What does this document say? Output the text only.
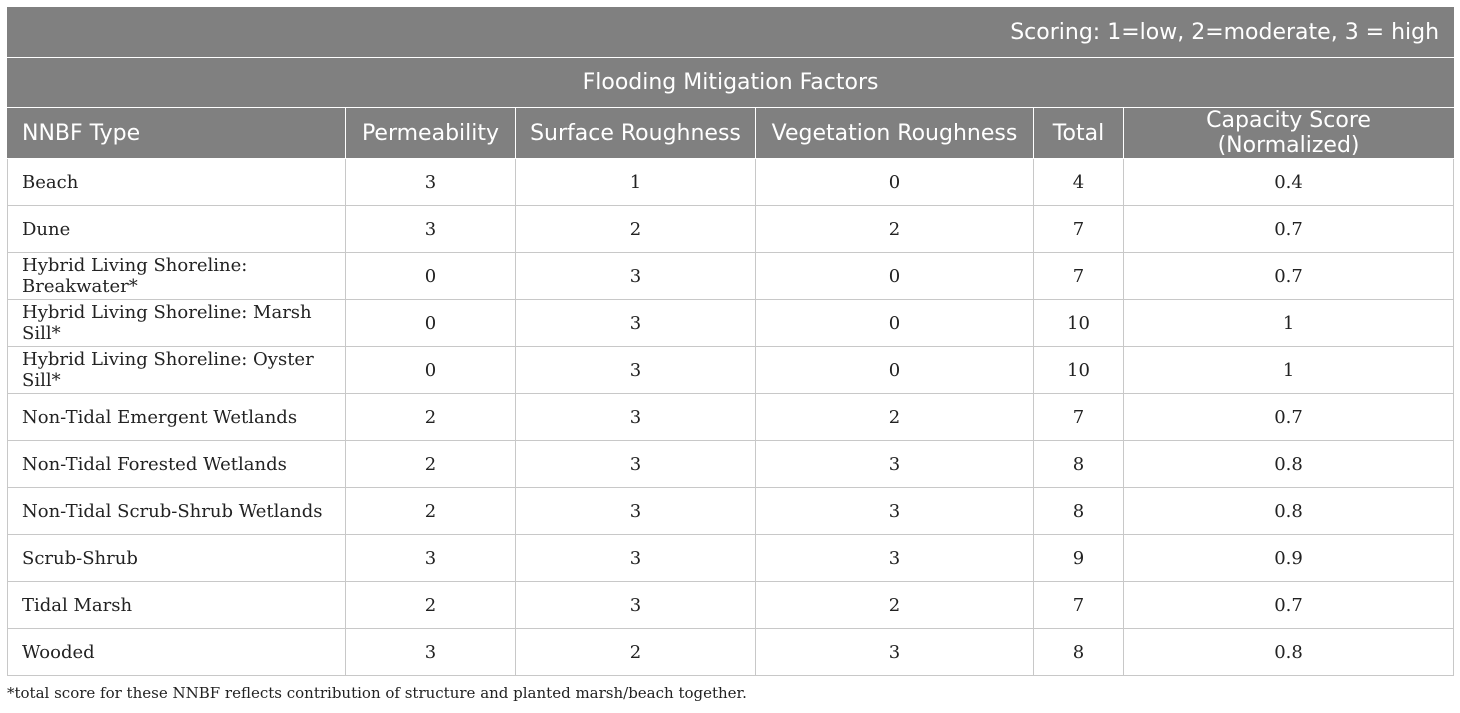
Scoring: 1=low, 2=moderate, 3 = high					
Flooding Mitigation Factors					
NNBF Type	Permeability	Surface Roughness	Vegetation Roughness	Total	Capacity Score (Normalized)
Beach	3	1	0	4	0.4
Dune	3	2	2	7	0.7
Hybrid Living Shoreline: Breakwater*	0	3	0	7	0.7
Hybrid Living Shoreline: Marsh Sill*	0	3	0	10	1
Hybrid Living Shoreline: Oyster Sill*	0	3	0	10	1
Non-Tidal Emergent Wetlands	2	3	2	7	0.7
Non-Tidal Forested Wetlands	2	3	3	8	0.8
Non-Tidal Scrub-Shrub Wetlands	2	3	3	8	0.8
Scrub-Shrub	3	3	3	9	0.9
Tidal Marsh	2	3	2	7	0.7
Wooded	3	2	3	8	0.8
*total score for these NNBF reflects contribution of structure and planted marsh/beach together.
